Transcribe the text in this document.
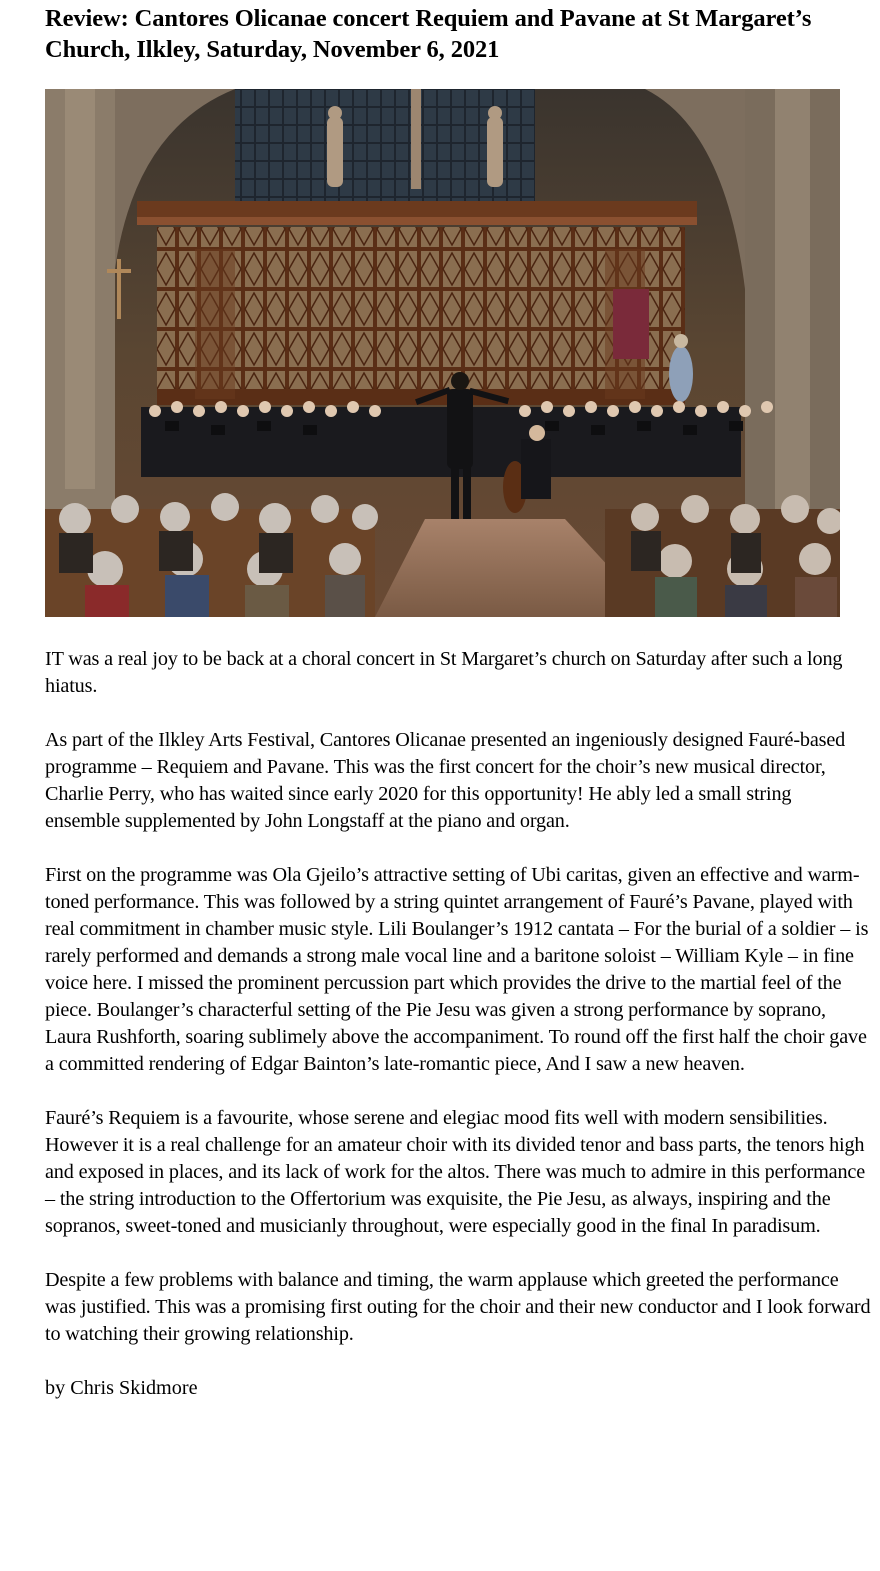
Review: Cantores Olicanae concert Requiem and Pavane at St Margaret’s Church, Ilkley, Saturday, November 6, 2021

IT was a real joy to be back at a choral concert in St Margaret’s church on Saturday after such a long hiatus.

As part of the Ilkley Arts Festival, Cantores Olicanae presented an ingeniously designed Fauré-based programme – Requiem and Pavane. This was the first concert for the choir’s new musical director, Charlie Perry, who has waited since early 2020 for this opportunity! He ably led a small string ensemble supplemented by John Longstaff at the piano and organ.

First on the programme was Ola Gjeilo’s attractive setting of Ubi caritas, given an effective and warm-toned performance. This was followed by a string quintet arrangement of Fauré’s Pavane, played with real commitment in chamber music style. Lili Boulanger’s 1912 cantata – For the burial of a soldier – is rarely performed and demands a strong male vocal line and a baritone soloist – William Kyle – in fine voice here. I missed the prominent percussion part which provides the drive to the martial feel of the piece. Boulanger’s characterful setting of the Pie Jesu was given a strong performance by soprano, Laura Rushforth, soaring sublimely above the accompaniment. To round off the first half the choir gave a committed rendering of Edgar Bainton’s late-romantic piece, And I saw a new heaven.

Fauré’s Requiem is a favourite, whose serene and elegiac mood fits well with modern sensibilities. However it is a real challenge for an amateur choir with its divided tenor and bass parts, the tenors high and exposed in places, and its lack of work for the altos. There was much to admire in this performance – the string introduction to the Offertorium was exquisite, the Pie Jesu, as always, inspiring and the sopranos, sweet-toned and musicianly throughout, were especially good in the final In paradisum.

Despite a few problems with balance and timing, the warm applause which greeted the performance was justified. This was a promising first outing for the choir and their new conductor and I look forward to watching their growing relationship.

by Chris Skidmore
